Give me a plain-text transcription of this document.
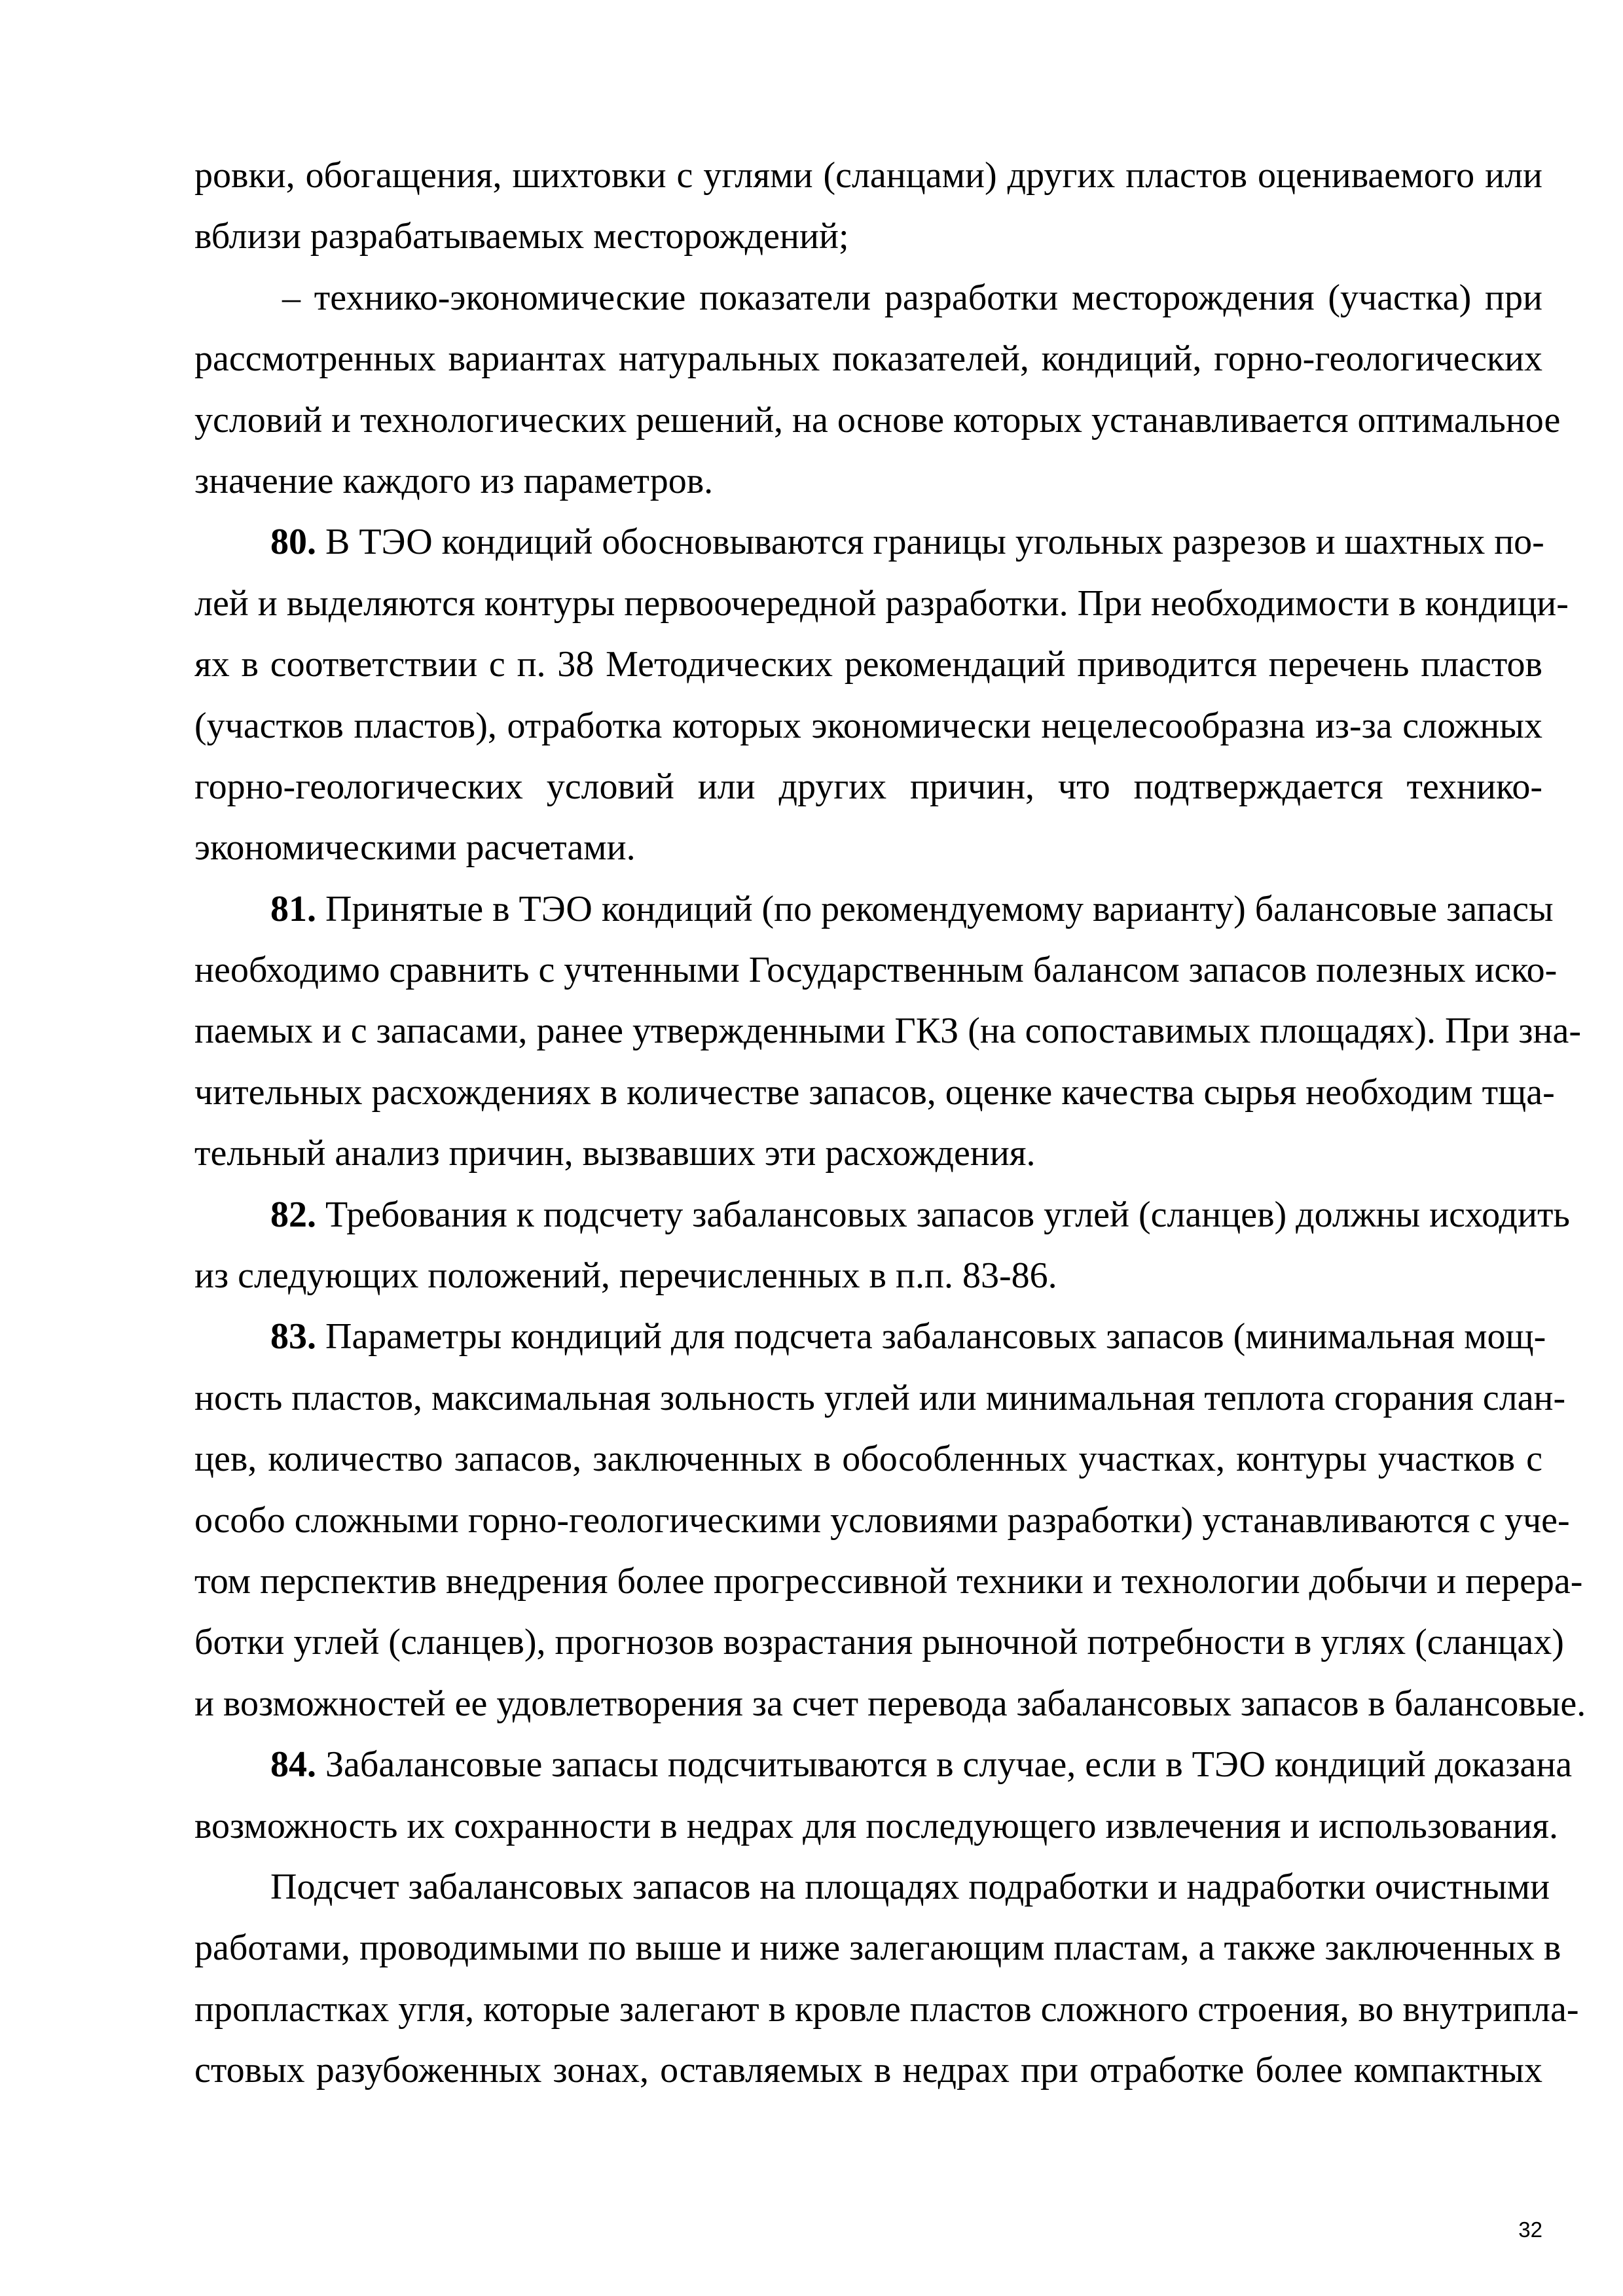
ровки, обогащения, шихтовки с углями (сланцами) других пластов оцениваемого или
вблизи разрабатываемых месторождений;
– технико-экономические показатели разработки месторождения (участка) при
рассмотренных вариантах натуральных показателей, кондиций, горно-геологических
условий и технологических решений, на основе которых устанавливается оптимальное
значение каждого из параметров.
80. В ТЭО кондиций обосновываются границы угольных разрезов и шахтных по-
лей и выделяются контуры первоочередной разработки. При необходимости в кондици-
ях в соответствии с п. 38 Методических рекомендаций приводится перечень пластов
(участков пластов), отработка которых экономически нецелесообразна из-за сложных
горно-геологических условий или других причин, что подтверждается технико-
экономическими расчетами.
81. Принятые в ТЭО кондиций (по рекомендуемому варианту) балансовые запасы
необходимо сравнить с учтенными Государственным балансом запасов полезных иско-
паемых и с запасами, ранее утвержденными ГКЗ (на сопоставимых площадях). При зна-
чительных расхождениях в количестве запасов, оценке качества сырья необходим тща-
тельный анализ причин, вызвавших эти расхождения.
82. Требования к подсчету забалансовых запасов углей (сланцев) должны исходить
из следующих положений, перечисленных в п.п. 83-86.
83. Параметры кондиций для подсчета забалансовых запасов (минимальная мощ-
ность пластов, максимальная зольность углей или минимальная теплота сгорания слан-
цев, количество запасов, заключенных в обособленных участках, контуры участков с
особо сложными горно-геологическими условиями разработки) устанавливаются с уче-
том перспектив внедрения более прогрессивной техники и технологии добычи и перера-
ботки углей (сланцев), прогнозов возрастания рыночной потребности в углях (сланцах)
и возможностей ее удовлетворения за счет перевода забалансовых запасов в балансовые.
84. Забалансовые запасы подсчитываются в случае, если в ТЭО кондиций доказана
возможность их сохранности в недрах для последующего извлечения и использования.
Подсчет забалансовых запасов на площадях подработки и надработки очистными
работами, проводимыми по выше и ниже залегающим пластам, а также заключенных в
пропластках угля, которые залегают в кровле пластов сложного строения, во внутрипла-
стовых разубоженных зонах, оставляемых в недрах при отработке более компактных
32
